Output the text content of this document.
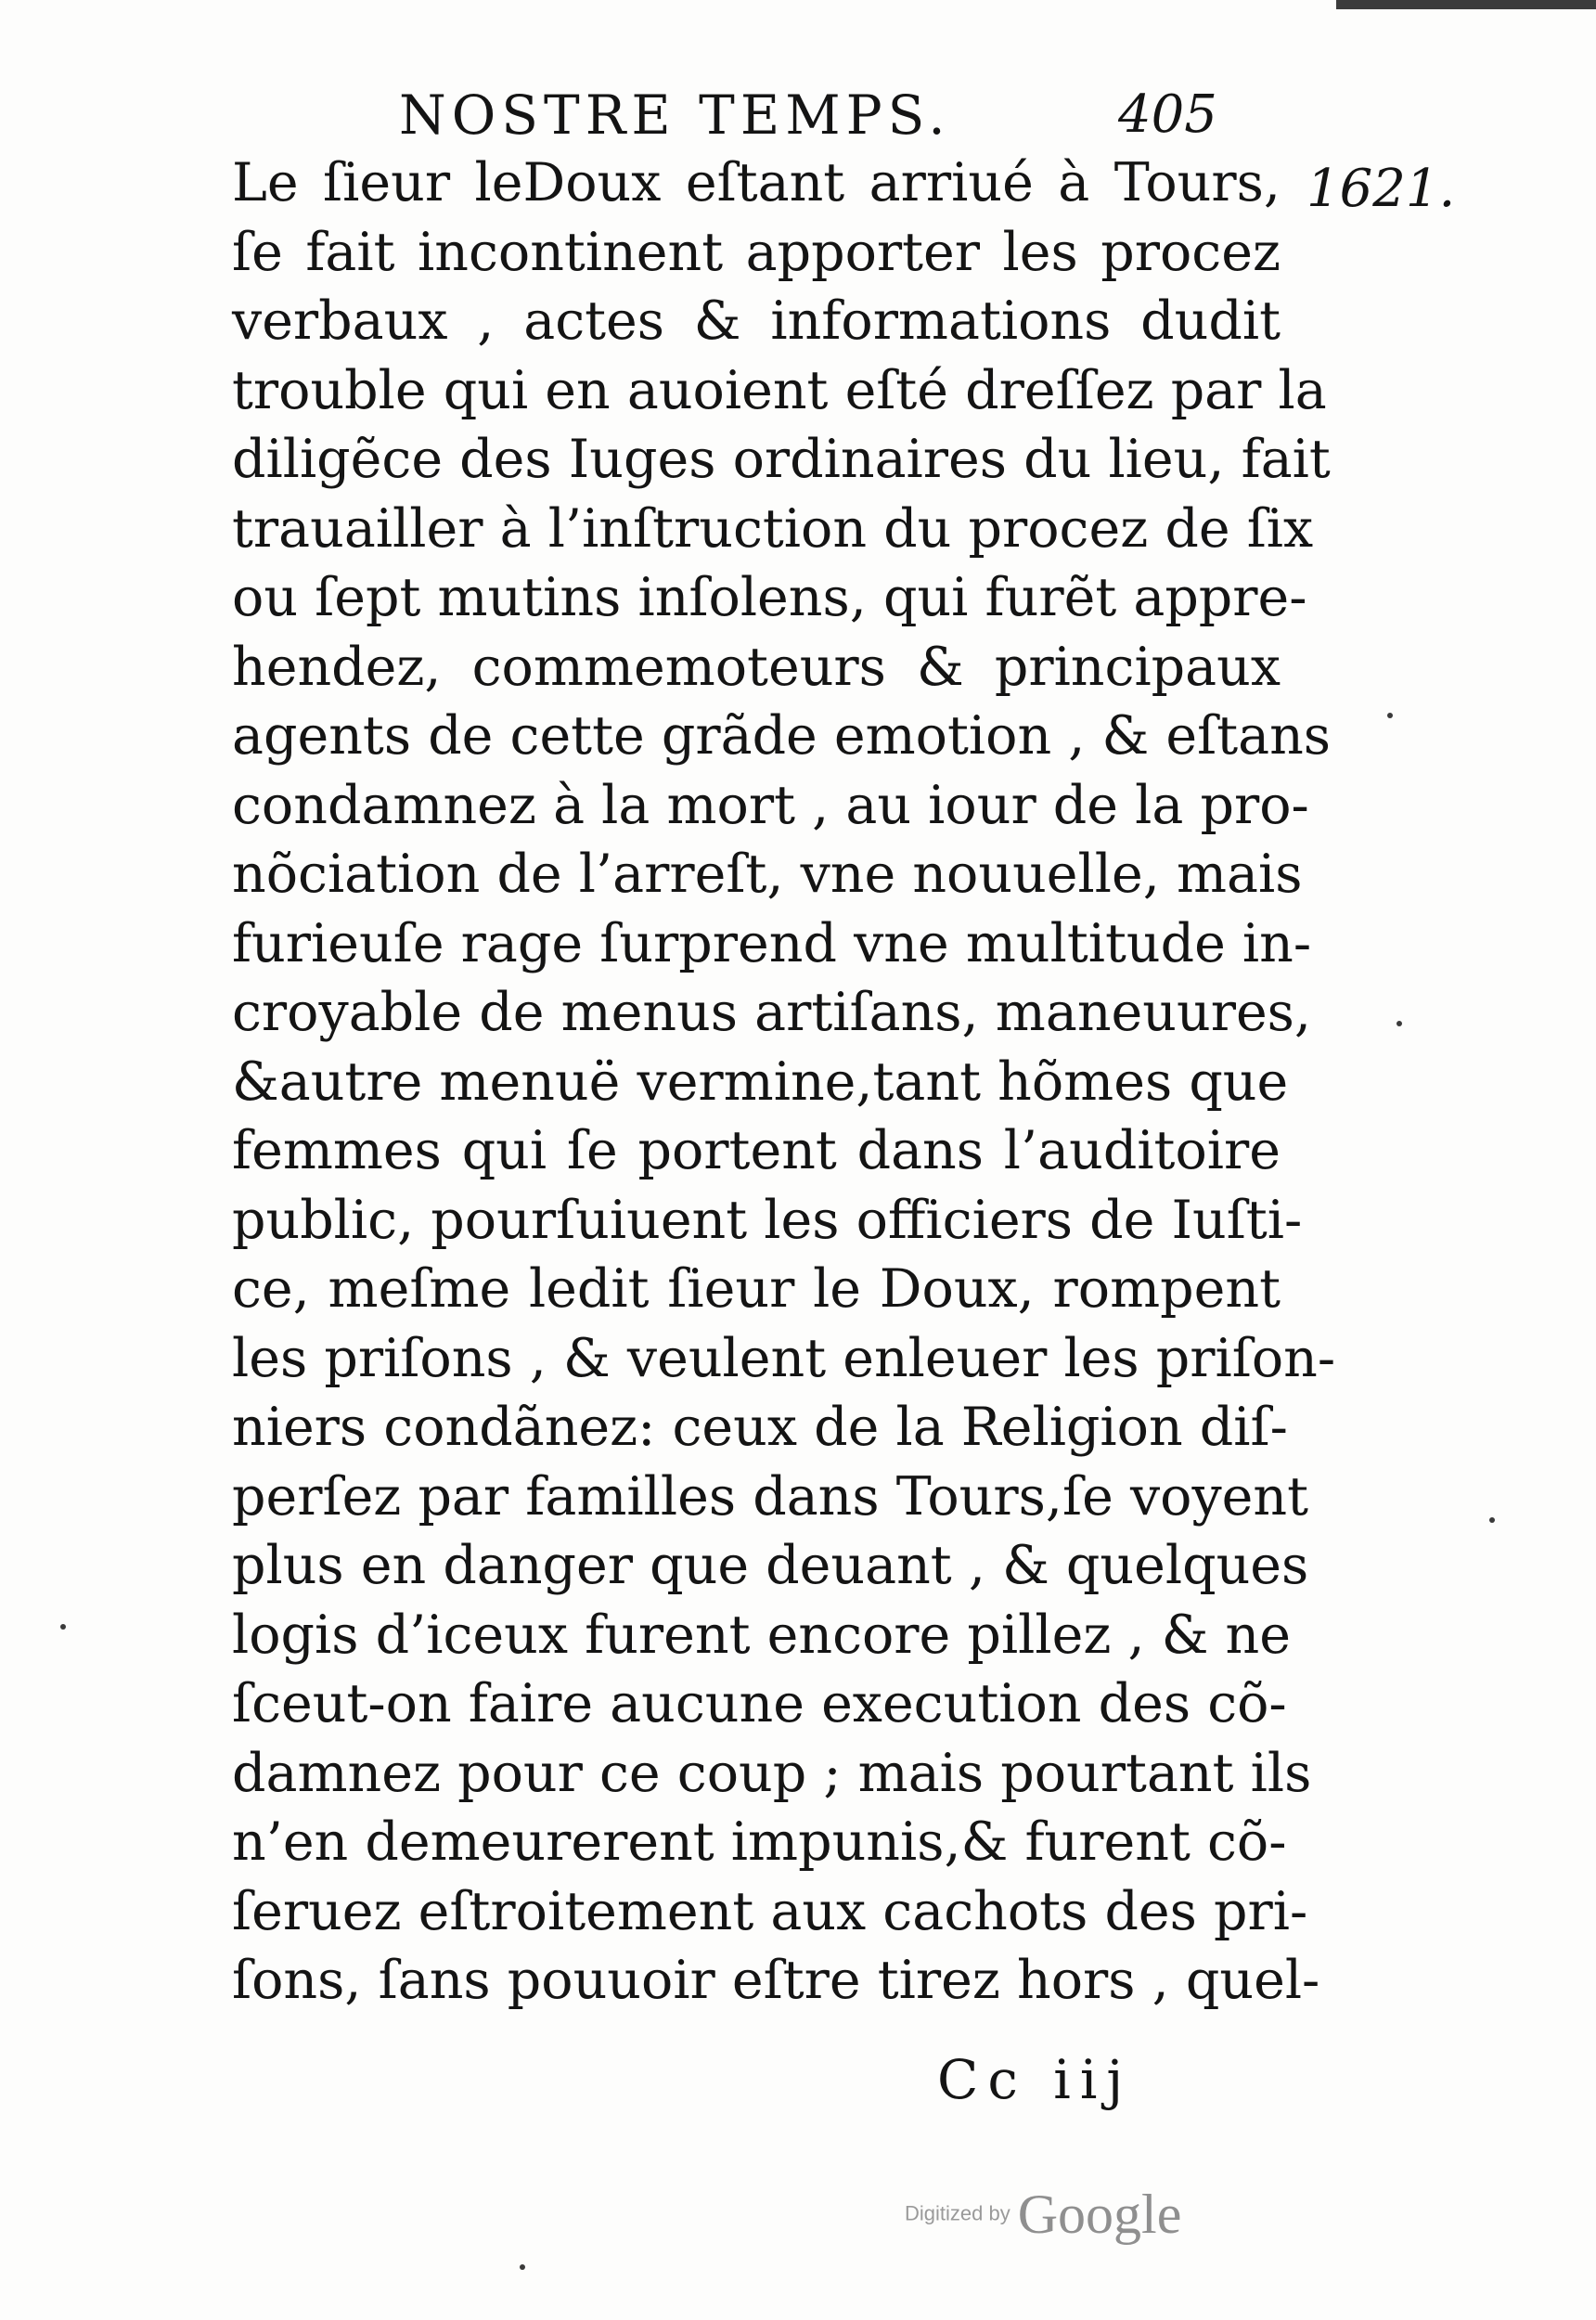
NOSTRE TEMPS.	405
1621.
Le ſieur leDoux eſtant arriué à Tours,
ſe fait incontinent apporter les procez
verbaux , actes & informations dudit
trouble qui en auoient eſté dreſſez par la
diligẽce des Iuges ordinaires du lieu, fait
trauailler à l’inſtruction du procez de ſix
ou ſept mutins inſolens, qui furẽt appre-
hendez, commemoteurs & principaux
agents de cette grãde emotion , & eſtans
condamnez à la mort , au iour de la pro-
nõciation de l’arreſt, vne nouuelle, mais
furieuſe rage ſurprend vne multitude in-
croyable de menus artiſans, maneuures,
&autre menuë vermine,tant hõmes que
femmes qui ſe portent dans l’auditoire
public, pourſuiuent les officiers de Iuſti-
ce, meſme ledit ſieur le Doux, rompent
les priſons , & veulent enleuer les priſon-
niers condãnez: ceux de la Religion diſ-
perſez par familles dans Tours,ſe voyent
plus en danger que deuant , & quelques
logis d’iceux furent encore pillez , & ne
ſceut-on faire aucune execution des cõ-
damnez pour ce coup ; mais pourtant ils
n’en demeurerent impunis,& furent cõ-
ſeruez eſtroitement aux cachots des pri-
ſons, ſans pouuoir eſtre tirez hors , quel-
Cc iij
Digitized by Google
